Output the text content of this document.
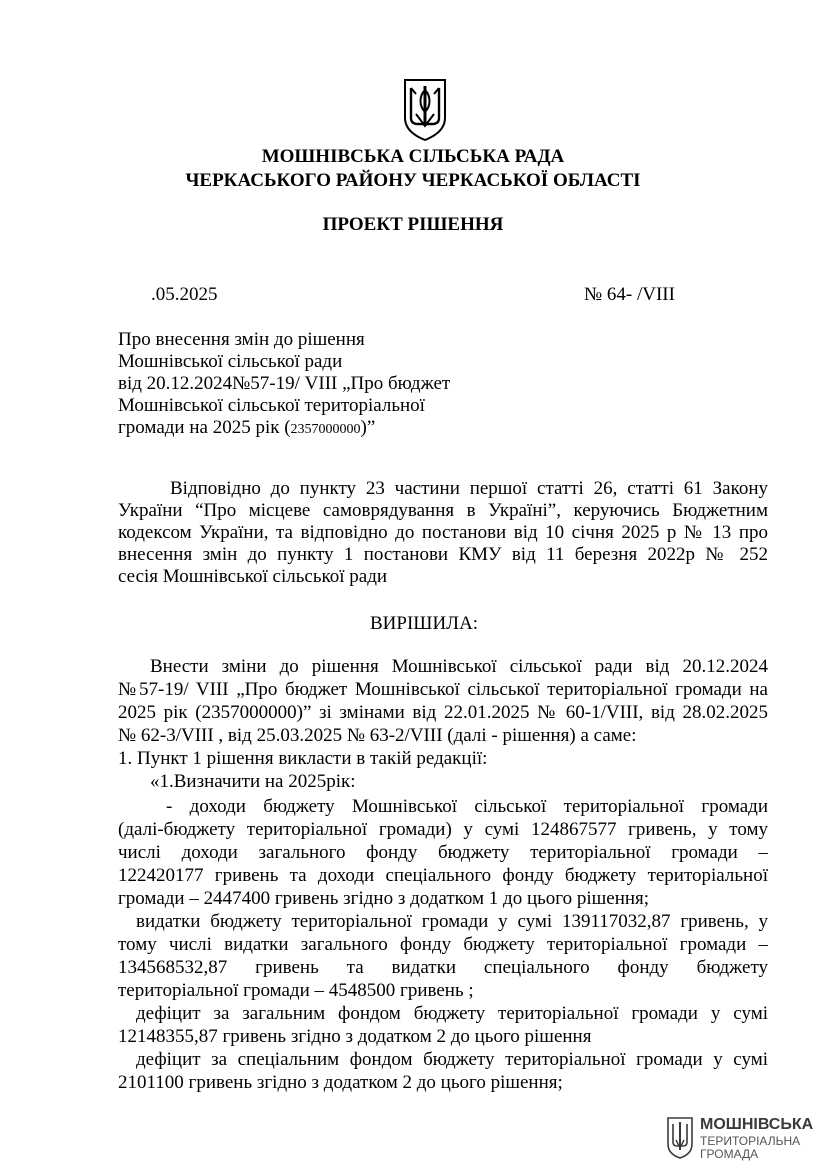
МОШНІВСЬКА СІЛЬСЬКА РАДА
ЧЕРКАСЬКОГО РАЙОНУ ЧЕРКАСЬКОЇ ОБЛАСТІ
ПРОЕКТ РІШЕННЯ
.05.2025	№ 64- /VIII
Про внесення змін до рішення
Мошнівської сільської ради
від 20.12.2024№57-19/ VIII „Про бюджет
Мошнівської сільської територіальної
громади на 2025 рік (2357000000)”
Відповідно до пункту 23 частини першої статті 26, статті 61 Закону
України “Про місцеве самоврядування в Україні”, керуючись Бюджетним
кодексом України, та відповідно до постанови від 10 січня 2025 р № 13 про
внесення змін до пункту 1 постанови КМУ від 11 березня 2022р № 252
сесія Мошнівської сільської ради
ВИРІШИЛА:
Внести зміни до рішення Мошнівської сільської ради від 20.12.2024
№57-19/ VIII „Про бюджет Мошнівської сільської територіальної громади на
2025 рік (2357000000)” зі змінами від 22.01.2025 № 60-1/VIII, від 28.02.2025
№ 62-3/VIII , від 25.03.2025 № 63-2/VIII (далі - рішення) а саме:
1. Пункт 1 рішення викласти в такій редакції:
«1.Визначити на 2025рік:
- доходи бюджету Мошнівської сільської територіальної громади
(далі-бюджету територіальної громади) у сумі 124867577 гривень, у тому
числі доходи загального фонду бюджету територіальної громади –
122420177 гривень та доходи спеціального фонду бюджету територіальної
громади – 2447400 гривень згідно з додатком 1 до цього рішення;
видатки бюджету територіальної громади у сумі 139117032,87 гривень, у
тому числі видатки загального фонду бюджету територіальної громади –
134568532,87 гривень та видатки спеціального фонду бюджету
територіальної громади – 4548500 гривень ;
дефіцит за загальним фондом бюджету територіальної громади у сумі
12148355,87 гривень згідно з додатком 2 до цього рішення
дефіцит за спеціальним фондом бюджету територіальної громади у сумі
2101100 гривень згідно з додатком 2 до цього рішення;
МОШНІВСЬКА
ТЕРИТОРІАЛЬНА
ГРОМАДА
